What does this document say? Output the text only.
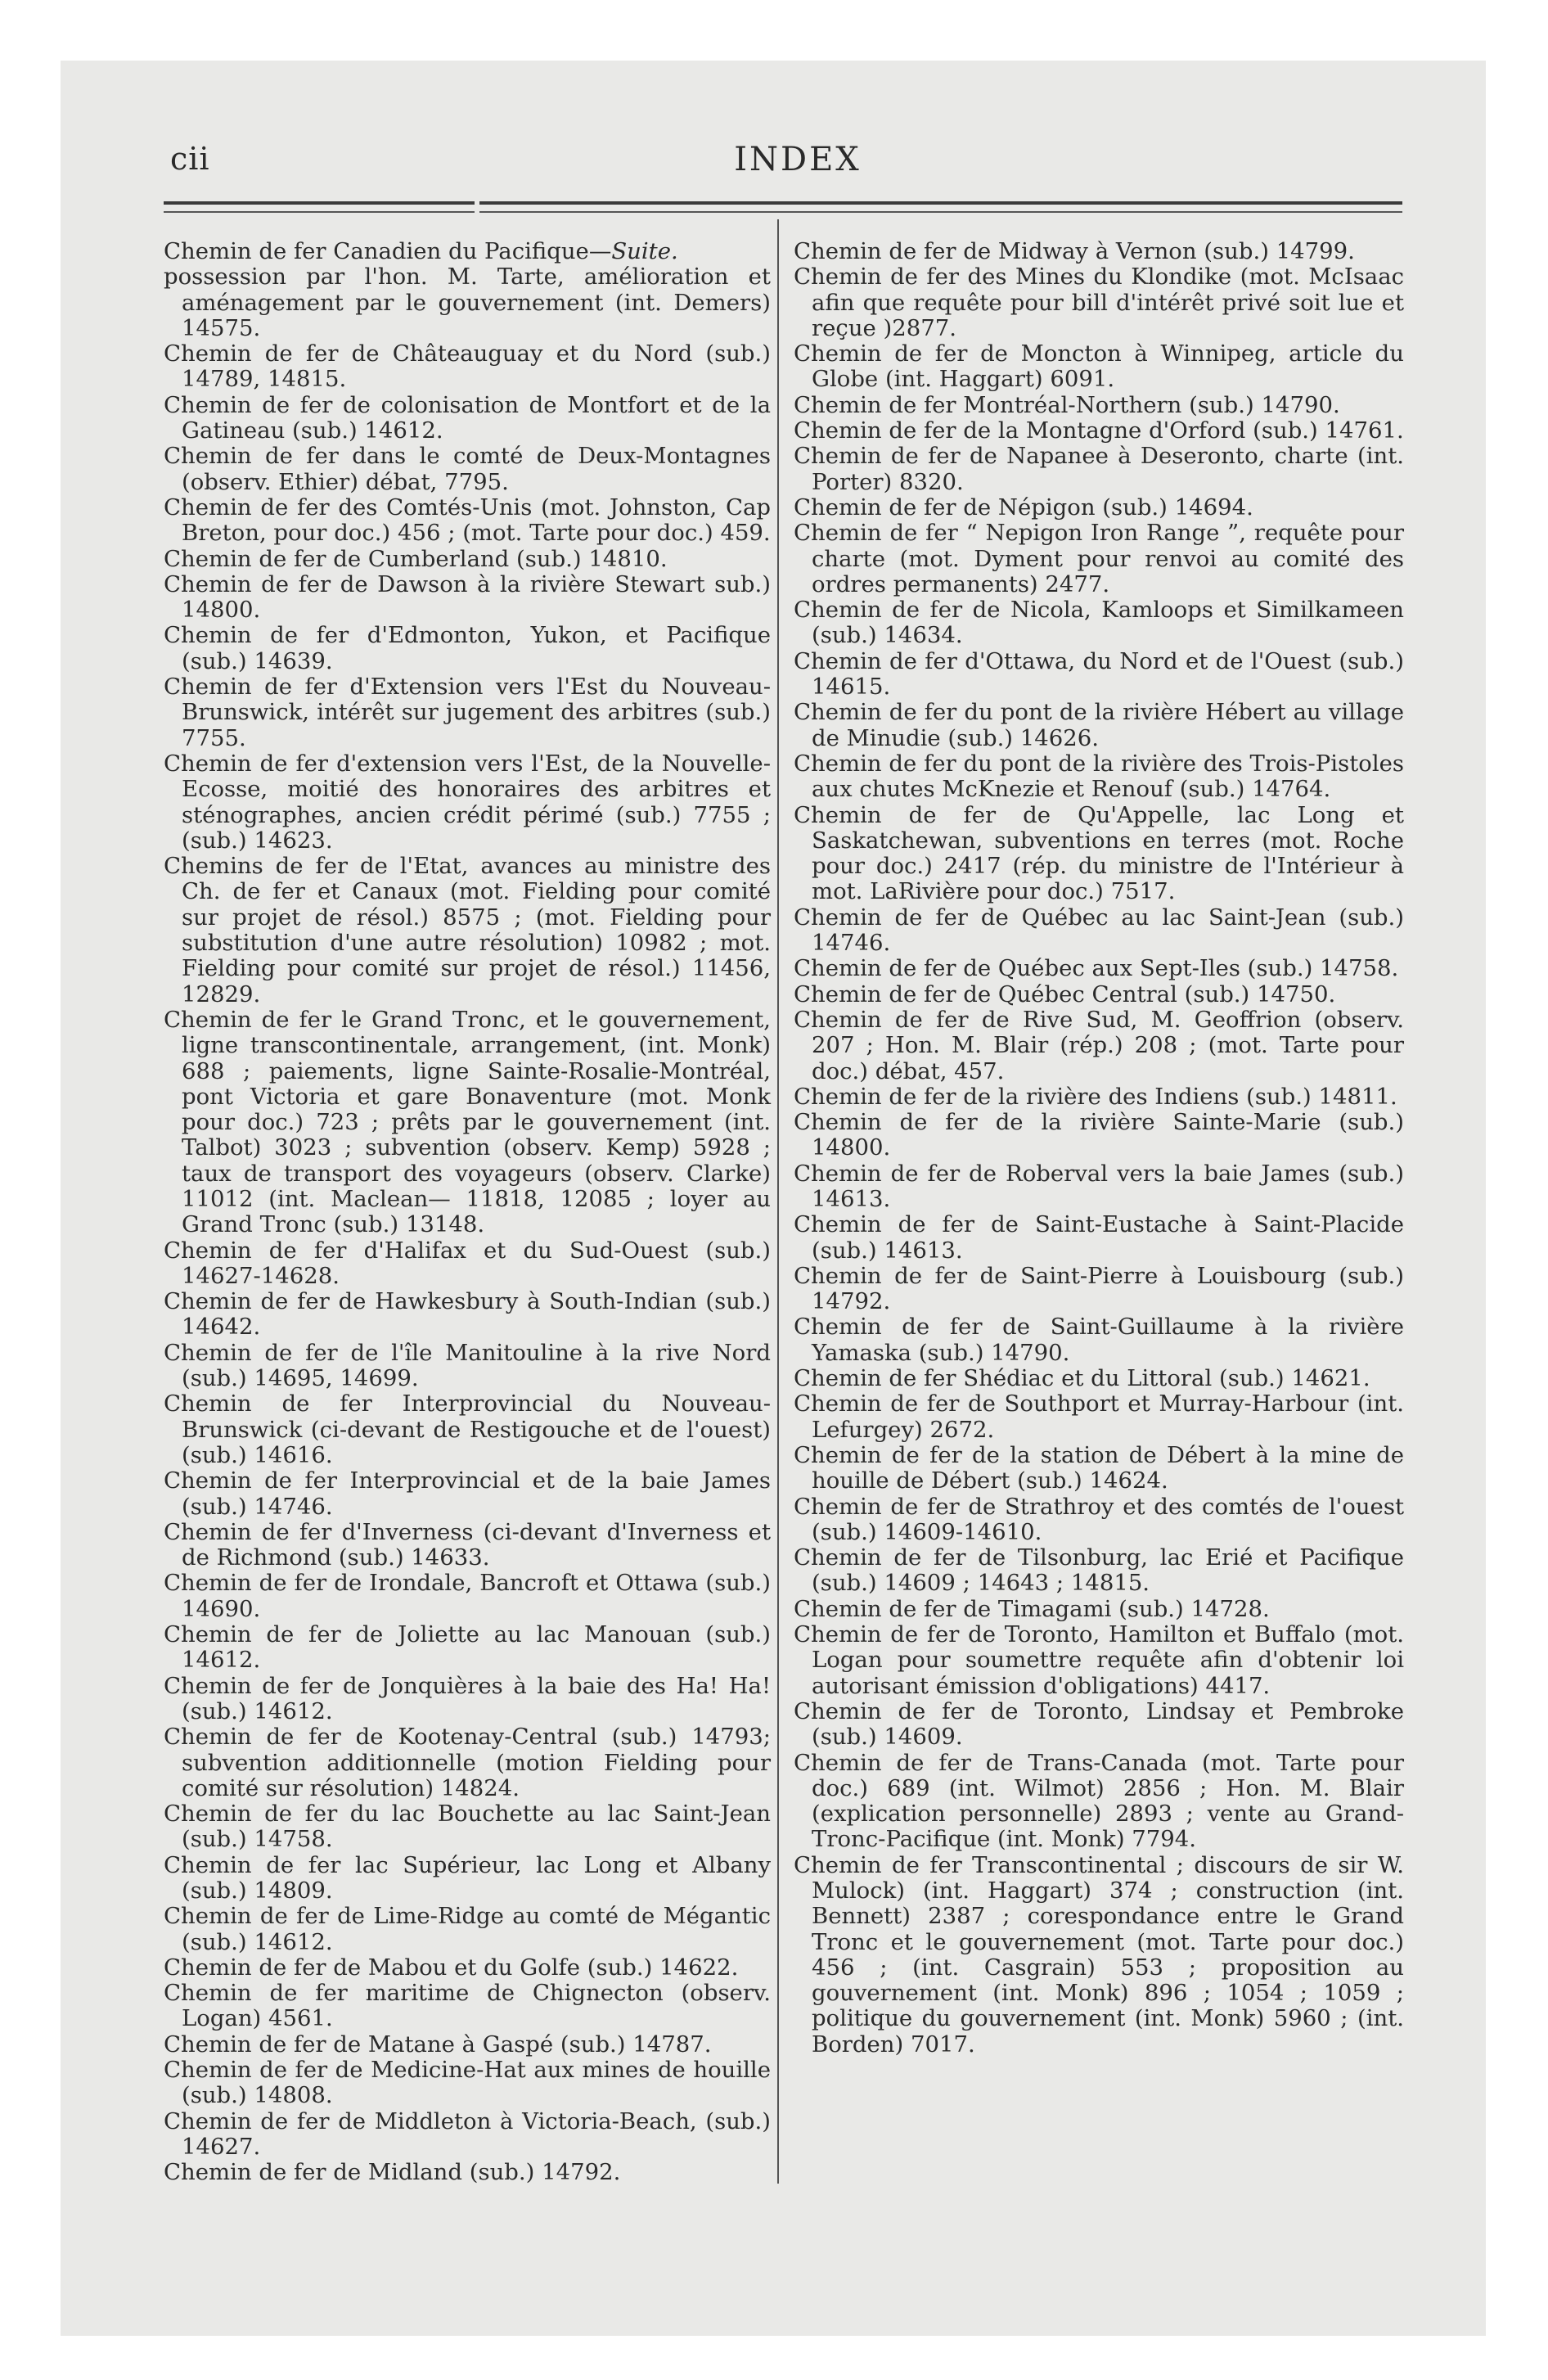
cii	INDEX

Chemin de fer Canadien du Pacifique—Suite.

possession par l'hon. M. Tarte, amélioration et aménagement par le gouvernement (int. Demers) 14575.

Chemin de fer de Châteauguay et du Nord (sub.) 14789, 14815.

Chemin de fer de colonisation de Montfort et de la Gatineau (sub.) 14612.

Chemin de fer dans le comté de Deux-Montagnes (observ. Ethier) débat, 7795.

Chemin de fer des Comtés-Unis (mot. Johnston, Cap Breton, pour doc.) 456 ; (mot. Tarte pour doc.) 459.

Chemin de fer de Cumberland (sub.) 14810.

Chemin de fer de Dawson à la rivière Stewart sub.) 14800.

Chemin de fer d'Edmonton, Yukon, et Pacifique (sub.) 14639.

Chemin de fer d'Extension vers l'Est du Nouveau-Brunswick, intérêt sur jugement des arbitres (sub.) 7755.

Chemin de fer d'extension vers l'Est, de la Nouvelle-Ecosse, moitié des honoraires des arbitres et sténographes, ancien crédit périmé (sub.) 7755 ; (sub.) 14623.

Chemins de fer de l'Etat, avances au ministre des Ch. de fer et Canaux (mot. Fielding pour comité sur projet de résol.) 8575 ; (mot. Fielding pour substitution d'une autre résolution) 10982 ; mot. Fielding pour comité sur projet de résol.) 11456, 12829.

Chemin de fer le Grand Tronc, et le gouvernement, ligne transcontinentale, arrangement, (int. Monk) 688 ; paiements, ligne Sainte-Rosalie-Montréal, pont Victoria et gare Bonaventure (mot. Monk pour doc.) 723 ; prêts par le gouvernement (int. Talbot) 3023 ; subvention (observ. Kemp) 5928 ; taux de transport des voyageurs (observ. Clarke) 11012 (int. Maclean— 11818, 12085 ; loyer au Grand Tronc (sub.) 13148.

Chemin de fer d'Halifax et du Sud-Ouest (sub.) 14627-14628.

Chemin de fer de Hawkesbury à South-Indian (sub.) 14642.

Chemin de fer de l'île Manitouline à la rive Nord (sub.) 14695, 14699.

Chemin de fer Interprovincial du Nouveau-Brunswick (ci-devant de Restigouche et de l'ouest) (sub.) 14616.

Chemin de fer Interprovincial et de la baie James (sub.) 14746.

Chemin de fer d'Inverness (ci-devant d'Inverness et de Richmond (sub.) 14633.

Chemin de fer de Irondale, Bancroft et Ottawa (sub.) 14690.

Chemin de fer de Joliette au lac Manouan (sub.) 14612.

Chemin de fer de Jonquières à la baie des Ha! Ha! (sub.) 14612.

Chemin de fer de Kootenay-Central (sub.) 14793; subvention additionnelle (motion Fielding pour comité sur résolution) 14824.

Chemin de fer du lac Bouchette au lac Saint-Jean (sub.) 14758.

Chemin de fer lac Supérieur, lac Long et Albany (sub.) 14809.

Chemin de fer de Lime-Ridge au comté de Mégantic (sub.) 14612.

Chemin de fer de Mabou et du Golfe (sub.) 14622.

Chemin de fer maritime de Chignecton (observ. Logan) 4561.

Chemin de fer de Matane à Gaspé (sub.) 14787.

Chemin de fer de Medicine-Hat aux mines de houille (sub.) 14808.

Chemin de fer de Middleton à Victoria-Beach, (sub.) 14627.

Chemin de fer de Midland (sub.) 14792.

Chemin de fer de Midway à Vernon (sub.) 14799.

Chemin de fer des Mines du Klondike (mot. McIsaac afin que requête pour bill d'intérêt privé soit lue et reçue )2877.

Chemin de fer de Moncton à Winnipeg, article du Globe (int. Haggart) 6091.

Chemin de fer Montréal-Northern (sub.) 14790.

Chemin de fer de la Montagne d'Orford (sub.) 14761.

Chemin de fer de Napanee à Deseronto, charte (int. Porter) 8320.

Chemin de fer de Népigon (sub.) 14694.

Chemin de fer “ Nepigon Iron Range ”, requête pour charte (mot. Dyment pour renvoi au comité des ordres permanents) 2477.

Chemin de fer de Nicola, Kamloops et Similkameen (sub.) 14634.

Chemin de fer d'Ottawa, du Nord et de l'Ouest (sub.) 14615.

Chemin de fer du pont de la rivière Hébert au village de Minudie (sub.) 14626.

Chemin de fer du pont de la rivière des Trois-Pistoles aux chutes McKnezie et Renouf (sub.) 14764.

Chemin de fer de Qu'Appelle, lac Long et Saskatchewan, subventions en terres (mot. Roche pour doc.) 2417 (rép. du ministre de l'Intérieur à mot. LaRivière pour doc.) 7517.

Chemin de fer de Québec au lac Saint-Jean (sub.) 14746.

Chemin de fer de Québec aux Sept-Iles (sub.) 14758.

Chemin de fer de Québec Central (sub.) 14750.

Chemin de fer de Rive Sud, M. Geoffrion (observ. 207 ; Hon. M. Blair (rép.) 208 ; (mot. Tarte pour doc.) débat, 457.

Chemin de fer de la rivière des Indiens (sub.) 14811.

Chemin de fer de la rivière Sainte-Marie (sub.) 14800.

Chemin de fer de Roberval vers la baie James (sub.) 14613.

Chemin de fer de Saint-Eustache à Saint-Placide (sub.) 14613.

Chemin de fer de Saint-Pierre à Louisbourg (sub.) 14792.

Chemin de fer de Saint-Guillaume à la rivière Yamaska (sub.) 14790.

Chemin de fer Shédiac et du Littoral (sub.) 14621.

Chemin de fer de Southport et Murray-Harbour (int. Lefurgey) 2672.

Chemin de fer de la station de Débert à la mine de houille de Débert (sub.) 14624.

Chemin de fer de Strathroy et des comtés de l'ouest (sub.) 14609-14610.

Chemin de fer de Tilsonburg, lac Erié et Pacifique (sub.) 14609 ; 14643 ; 14815.

Chemin de fer de Timagami (sub.) 14728.

Chemin de fer de Toronto, Hamilton et Buffalo (mot. Logan pour soumettre requête afin d'obtenir loi autorisant émission d'obligations) 4417.

Chemin de fer de Toronto, Lindsay et Pembroke (sub.) 14609.

Chemin de fer de Trans-Canada (mot. Tarte pour doc.) 689 (int. Wilmot) 2856 ; Hon. M. Blair (explication personnelle) 2893 ; vente au Grand-Tronc-Pacifique (int. Monk) 7794.

Chemin de fer Transcontinental ; discours de sir W. Mulock) (int. Haggart) 374 ; construction (int. Bennett) 2387 ; corespondance entre le Grand Tronc et le gouvernement (mot. Tarte pour doc.) 456 ; (int. Casgrain) 553 ; proposition au gouvernement (int. Monk) 896 ; 1054 ; 1059 ; politique du gouvernement (int. Monk) 5960 ; (int. Borden) 7017.
